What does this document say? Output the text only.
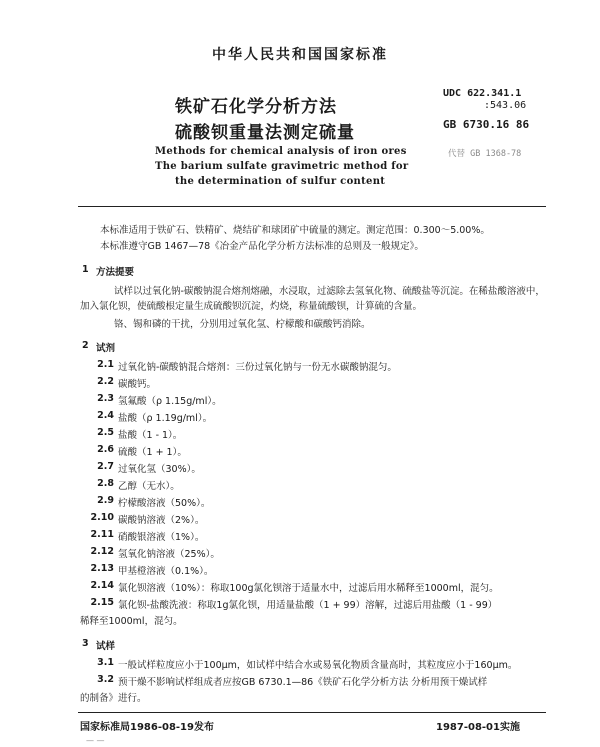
中华人民共和国国家标准
铁矿石化学分析方法
硫酸钡重量法测定硫量
UDC 622.341.1
:543.06
GB 6730.16 86
代替 GB 1368-78
Methods for chemical analysis of iron ores
The barium sulfate gravimetric method for
the determination of sulfur content
本标准适用于铁矿石、铁精矿、烧结矿和球团矿中硫量的测定。测定范围：0.300～5.00%。
本标准遵守GB 1467—78《冶金产品化学分析方法标准的总则及一般规定》。
1 方法提要
试样以过氧化钠-碳酸钠混合熔剂熔融，水浸取，过滤除去氢氧化物、硫酸盐等沉淀。在稀盐酸溶液中，加入氯化钡，使硫酸根定量生成硫酸钡沉淀，灼烧，称量硫酸钡，计算硫的含量。
铬、锡和磷的干扰，分别用过氧化氢、柠檬酸和碳酸钙消除。
2 试剂
2.1 过氧化钠-碳酸钠混合熔剂：三份过氧化钠与一份无水碳酸钠混匀。
2.2 碳酸钙。
2.3 氢氟酸（ρ 1.15g/ml）。
2.4 盐酸（ρ 1.19g/ml）。
2.5 盐酸（1 - 1）。
2.6 硫酸（1 + 1）。
2.7 过氧化氢（30%）。
2.8 乙醇（无水）。
2.9 柠檬酸溶液（50%）。
2.10 碳酸钠溶液（2%）。
2.11 硝酸银溶液（1%）。
2.12 氢氧化钠溶液（25%）。
2.13 甲基橙溶液（0.1%）。
2.14 氯化钡溶液（10%）：称取100g氯化钡溶于适量水中，过滤后用水稀释至1000ml，混匀。
2.15 氯化钡-盐酸洗液：称取1g氯化钡，用适量盐酸（1 + 99）溶解，过滤后用盐酸（1 - 99）
稀释至1000ml，混匀。
3 试样
3.1 一般试样粒度应小于100μm，如试样中结合水或易氧化物质含量高时，其粒度应小于160μm。
3.2 预干燥不影响试样组成者应按GB 6730.1—86《铁矿石化学分析方法 分析用预干燥试样
的制备》进行。
国家标准局1986-08-19发布	1987-08-01实施
— —
